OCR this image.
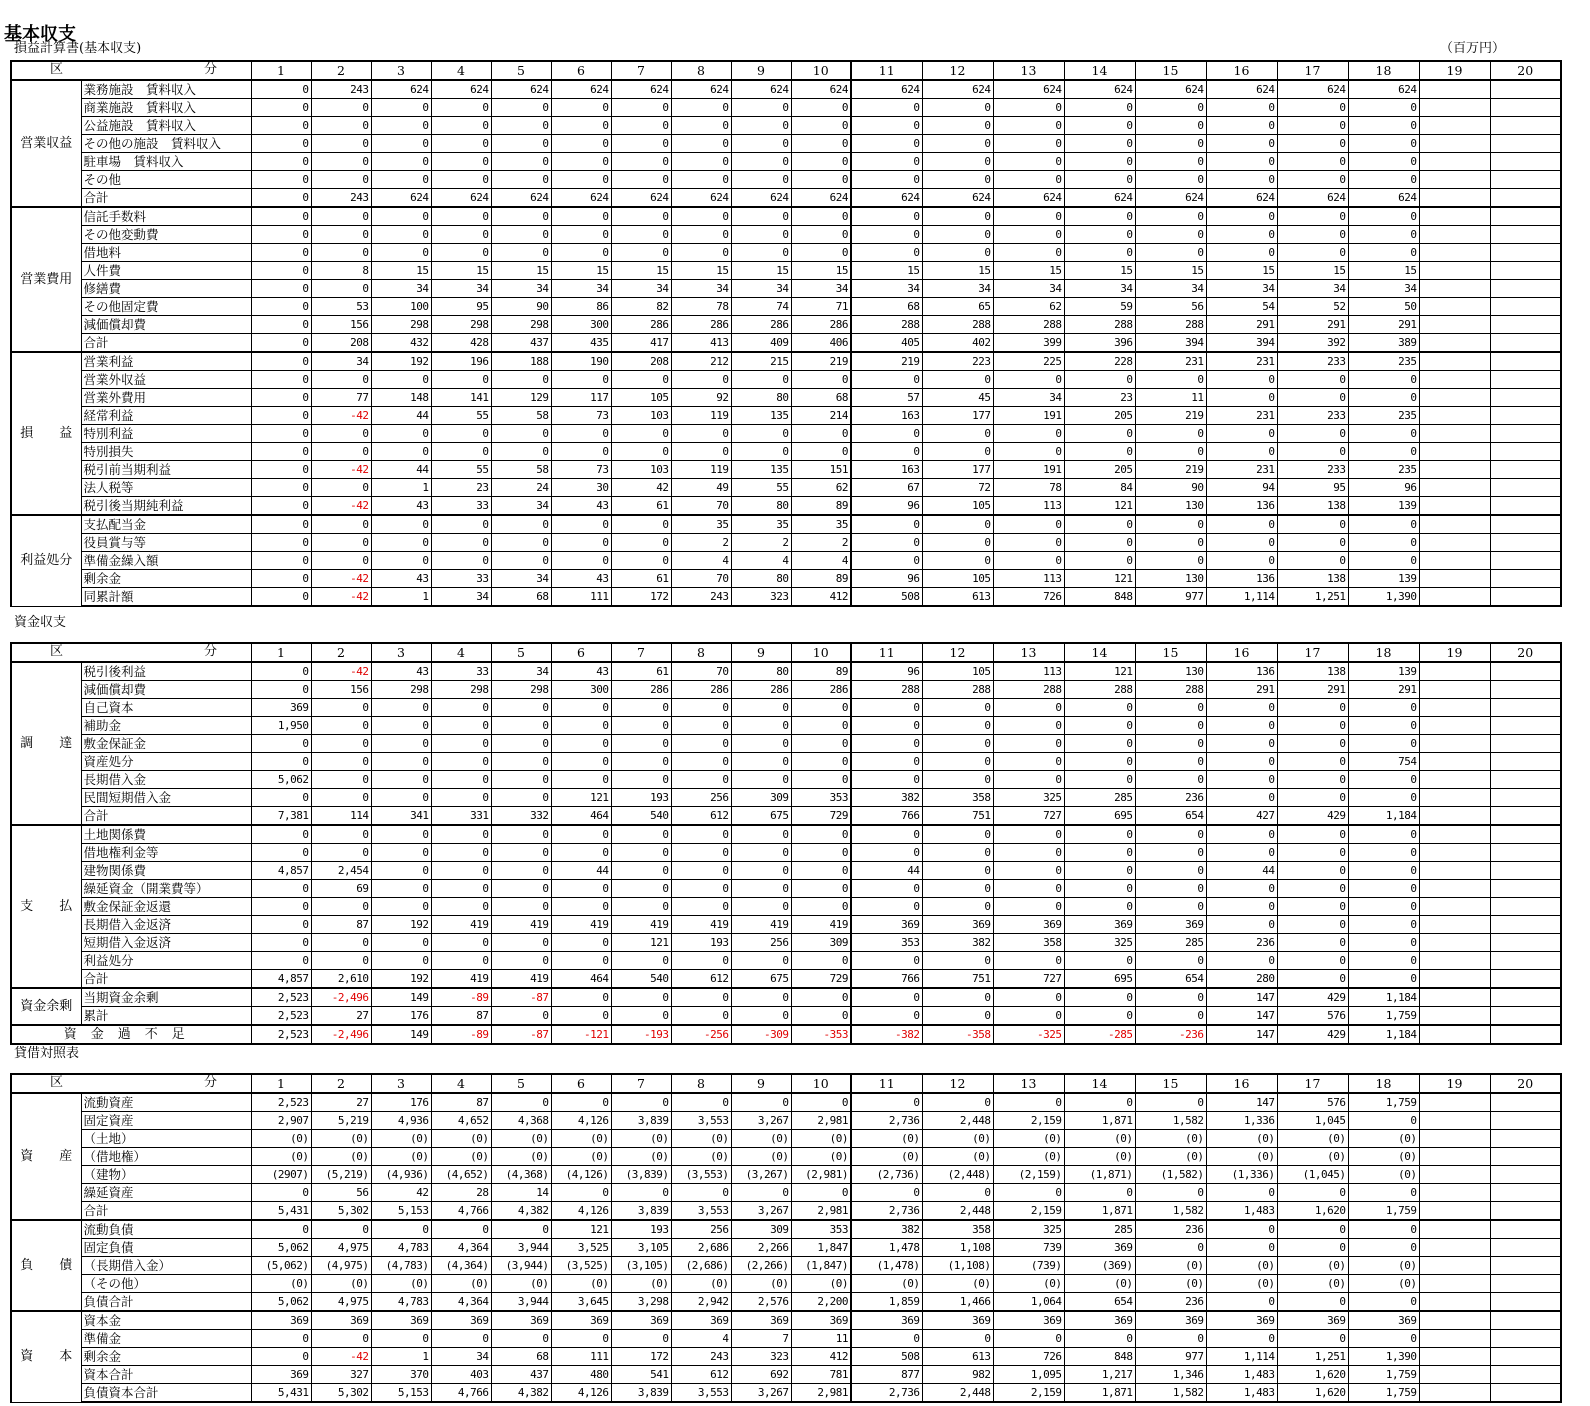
基本収支
損益計算書(基本収支)	（百万円）
区 分		1	2	3	4	5	6	7	8	9	10	11	12	13	14	15	16	17	18	19	20
営業収益	業務施設　賃料収入	0	243	624	624	624	624	624	624	624	624	624	624	624	624	624	624	624	624		
	商業施設　賃料収入	0	0	0	0	0	0	0	0	0	0	0	0	0	0	0	0	0	0		
	公益施設　賃料収入	0	0	0	0	0	0	0	0	0	0	0	0	0	0	0	0	0	0		
	その他の施設　賃料収入	0	0	0	0	0	0	0	0	0	0	0	0	0	0	0	0	0	0		
	駐車場　賃料収入	0	0	0	0	0	0	0	0	0	0	0	0	0	0	0	0	0	0		
	その他	0	0	0	0	0	0	0	0	0	0	0	0	0	0	0	0	0	0		
	合計	0	243	624	624	624	624	624	624	624	624	624	624	624	624	624	624	624	624		
営業費用	信託手数料	0	0	0	0	0	0	0	0	0	0	0	0	0	0	0	0	0	0		
	その他変動費	0	0	0	0	0	0	0	0	0	0	0	0	0	0	0	0	0	0		
	借地料	0	0	0	0	0	0	0	0	0	0	0	0	0	0	0	0	0	0		
	人件費	0	8	15	15	15	15	15	15	15	15	15	15	15	15	15	15	15	15		
	修繕費	0	0	34	34	34	34	34	34	34	34	34	34	34	34	34	34	34	34		
	その他固定費	0	53	100	95	90	86	82	78	74	71	68	65	62	59	56	54	52	50		
	減価償却費	0	156	298	298	298	300	286	286	286	286	288	288	288	288	288	291	291	291		
	合計	0	208	432	428	437	435	417	413	409	406	405	402	399	396	394	394	392	389		
損　　益	営業利益	0	34	192	196	188	190	208	212	215	219	219	223	225	228	231	231	233	235		
	営業外収益	0	0	0	0	0	0	0	0	0	0	0	0	0	0	0	0	0	0		
	営業外費用	0	77	148	141	129	117	105	92	80	68	57	45	34	23	11	0	0	0		
	経常利益	0	-42	44	55	58	73	103	119	135	214	163	177	191	205	219	231	233	235		
	特別利益	0	0	0	0	0	0	0	0	0	0	0	0	0	0	0	0	0	0		
	特別損失	0	0	0	0	0	0	0	0	0	0	0	0	0	0	0	0	0	0		
	税引前当期利益	0	-42	44	55	58	73	103	119	135	151	163	177	191	205	219	231	233	235		
	法人税等	0	0	1	23	24	30	42	49	55	62	67	72	78	84	90	94	95	96		
	税引後当期純利益	0	-42	43	33	34	43	61	70	80	89	96	105	113	121	130	136	138	139		
利益処分	支払配当金	0	0	0	0	0	0	0	35	35	35	0	0	0	0	0	0	0	0		
	役員賞与等	0	0	0	0	0	0	0	2	2	2	0	0	0	0	0	0	0	0		
	準備金繰入額	0	0	0	0	0	0	0	4	4	4	0	0	0	0	0	0	0	0		
	剰余金	0	-42	43	33	34	43	61	70	80	89	96	105	113	121	130	136	138	139		
	同累計額	0	-42	1	34	68	111	172	243	323	412	508	613	726	848	977	1,114	1,251	1,390		
資金収支
区 分		1	2	3	4	5	6	7	8	9	10	11	12	13	14	15	16	17	18	19	20
調　　達	税引後利益	0	-42	43	33	34	43	61	70	80	89	96	105	113	121	130	136	138	139		
	減価償却費	0	156	298	298	298	300	286	286	286	286	288	288	288	288	288	291	291	291		
	自己資本	369	0	0	0	0	0	0	0	0	0	0	0	0	0	0	0	0	0		
	補助金	1,950	0	0	0	0	0	0	0	0	0	0	0	0	0	0	0	0	0		
	敷金保証金	0	0	0	0	0	0	0	0	0	0	0	0	0	0	0	0	0	0		
	資産処分	0	0	0	0	0	0	0	0	0	0	0	0	0	0	0	0	0	754		
	長期借入金	5,062	0	0	0	0	0	0	0	0	0	0	0	0	0	0	0	0	0		
	民間短期借入金	0	0	0	0	0	121	193	256	309	353	382	358	325	285	236	0	0	0		
	合計	7,381	114	341	331	332	464	540	612	675	729	766	751	727	695	654	427	429	1,184		
支　　払	土地関係費	0	0	0	0	0	0	0	0	0	0	0	0	0	0	0	0	0	0		
	借地権利金等	0	0	0	0	0	0	0	0	0	0	0	0	0	0	0	0	0	0		
	建物関係費	4,857	2,454	0	0	0	44	0	0	0	0	44	0	0	0	0	44	0	0		
	繰延資金（開業費等）	0	69	0	0	0	0	0	0	0	0	0	0	0	0	0	0	0	0		
	敷金保証金返還	0	0	0	0	0	0	0	0	0	0	0	0	0	0	0	0	0	0		
	長期借入金返済	0	87	192	419	419	419	419	419	419	419	369	369	369	369	369	0	0	0		
	短期借入金返済	0	0	0	0	0	0	121	193	256	309	353	382	358	325	285	236	0	0		
	利益処分	0	0	0	0	0	0	0	0	0	0	0	0	0	0	0	0	0	0		
	合計	4,857	2,610	192	419	419	464	540	612	675	729	766	751	727	695	654	280	0	0		
資金余剰	当期資金余剰	2,523	-2,496	149	-89	-87	0	0	0	0	0	0	0	0	0	0	147	429	1,184		
	累計	2,523	27	176	87	0	0	0	0	0	0	0	0	0	0	0	147	576	1,759		
資金過不足		2,523	-2,496	149	-89	-87	-121	-193	-256	-309	-353	-382	-358	-325	-285	-236	147	429	1,184		
貸借対照表
区 分		1	2	3	4	5	6	7	8	9	10	11	12	13	14	15	16	17	18	19	20
資　　産	流動資産	2,523	27	176	87	0	0	0	0	0	0	0	0	0	0	0	147	576	1,759		
	固定資産	2,907	5,219	4,936	4,652	4,368	4,126	3,839	3,553	3,267	2,981	2,736	2,448	2,159	1,871	1,582	1,336	1,045	0		
	（土地）	(0)	(0)	(0)	(0)	(0)	(0)	(0)	(0)	(0)	(0)	(0)	(0)	(0)	(0)	(0)	(0)	(0)	(0)		
	（借地権）	(0)	(0)	(0)	(0)	(0)	(0)	(0)	(0)	(0)	(0)	(0)	(0)	(0)	(0)	(0)	(0)	(0)	(0)		
	（建物）	(2907)	(5,219)	(4,936)	(4,652)	(4,368)	(4,126)	(3,839)	(3,553)	(3,267)	(2,981)	(2,736)	(2,448)	(2,159)	(1,871)	(1,582)	(1,336)	(1,045)	(0)		
	繰延資産	0	56	42	28	14	0	0	0	0	0	0	0	0	0	0	0	0	0		
	合計	5,431	5,302	5,153	4,766	4,382	4,126	3,839	3,553	3,267	2,981	2,736	2,448	2,159	1,871	1,582	1,483	1,620	1,759		
負　　債	流動負債	0	0	0	0	0	121	193	256	309	353	382	358	325	285	236	0	0	0		
	固定負債	5,062	4,975	4,783	4,364	3,944	3,525	3,105	2,686	2,266	1,847	1,478	1,108	739	369	0	0	0	0		
	（長期借入金）	(5,062)	(4,975)	(4,783)	(4,364)	(3,944)	(3,525)	(3,105)	(2,686)	(2,266)	(1,847)	(1,478)	(1,108)	(739)	(369)	(0)	(0)	(0)	(0)		
	（その他）	(0)	(0)	(0)	(0)	(0)	(0)	(0)	(0)	(0)	(0)	(0)	(0)	(0)	(0)	(0)	(0)	(0)	(0)		
	負債合計	5,062	4,975	4,783	4,364	3,944	3,645	3,298	2,942	2,576	2,200	1,859	1,466	1,064	654	236	0	0	0		
資　　本	資本金	369	369	369	369	369	369	369	369	369	369	369	369	369	369	369	369	369	369		
	準備金	0	0	0	0	0	0	0	4	7	11	0	0	0	0	0	0	0	0		
	剰余金	0	-42	1	34	68	111	172	243	323	412	508	613	726	848	977	1,114	1,251	1,390		
	資本合計	369	327	370	403	437	480	541	612	692	781	877	982	1,095	1,217	1,346	1,483	1,620	1,759		
	負債資本合計	5,431	5,302	5,153	4,766	4,382	4,126	3,839	3,553	3,267	2,981	2,736	2,448	2,159	1,871	1,582	1,483	1,620	1,759		
